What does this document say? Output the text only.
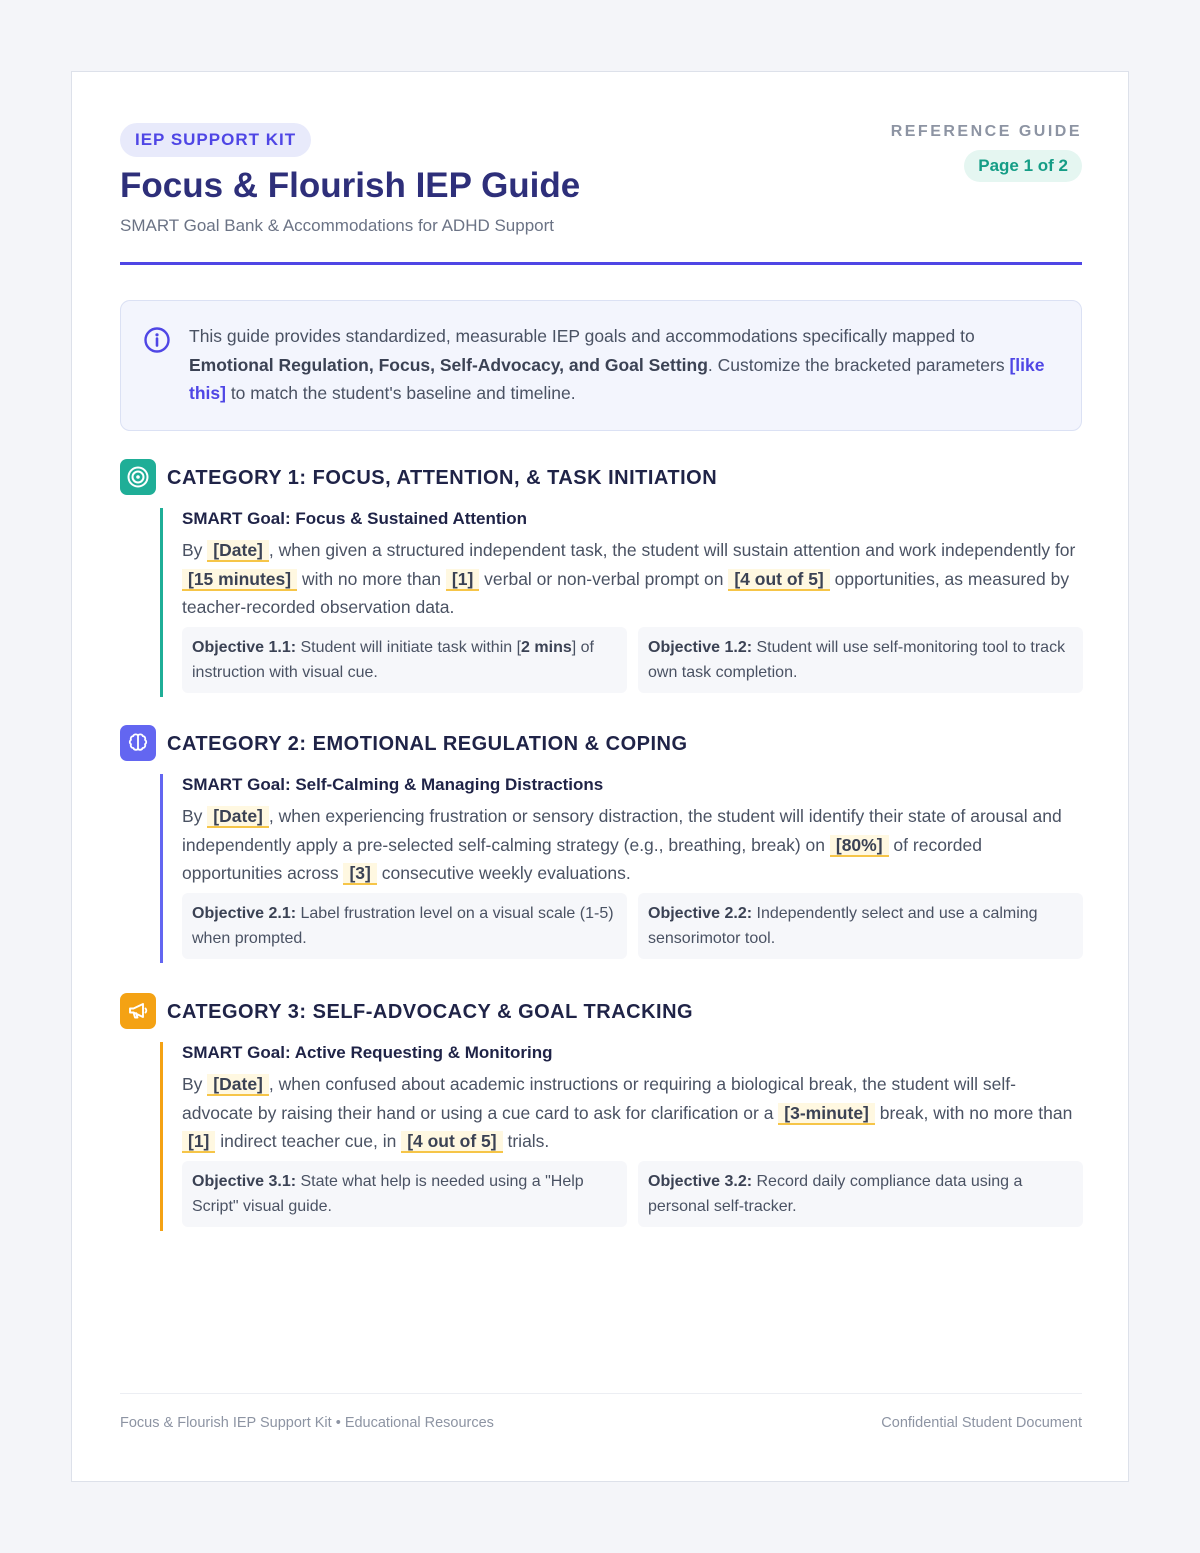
IEP SUPPORT KIT
Focus & Flourish IEP Guide
SMART Goal Bank & Accommodations for ADHD Support
REFERENCE GUIDE
Page 1 of 2
This guide provides standardized, measurable IEP goals and accommodations specifically mapped to Emotional Regulation, Focus, Self-Advocacy, and Goal Setting. Customize the bracketed parameters [like this] to match the student's baseline and timeline.
CATEGORY 1: FOCUS, ATTENTION, & TASK INITIATION
SMART Goal: Focus & Sustained Attention
By [Date] , when given a structured independent task, the student will sustain attention and work independently for [15 minutes] with no more than [1] verbal or non-verbal prompt on [4 out of 5] opportunities, as measured by teacher-recorded observation data.
Objective 1.1: Student will initiate task within [2 mins] of instruction with visual cue.
Objective 1.2: Student will use self-monitoring tool to track own task completion.
CATEGORY 2: EMOTIONAL REGULATION & COPING
SMART Goal: Self-Calming & Managing Distractions
By [Date] , when experiencing frustration or sensory distraction, the student will identify their state of arousal and independently apply a pre-selected self-calming strategy (e.g., breathing, break) on [80%] of recorded opportunities across [3] consecutive weekly evaluations.
Objective 2.1: Label frustration level on a visual scale (1-5) when prompted.
Objective 2.2: Independently select and use a calming sensorimotor tool.
CATEGORY 3: SELF-ADVOCACY & GOAL TRACKING
SMART Goal: Active Requesting & Monitoring
By [Date] , when confused about academic instructions or requiring a biological break, the student will self-advocate by raising their hand or using a cue card to ask for clarification or a [3-minute] break, with no more than [1] indirect teacher cue, in [4 out of 5] trials.
Objective 3.1: State what help is needed using a "Help Script" visual guide.
Objective 3.2: Record daily compliance data using a personal self-tracker.
Focus & Flourish IEP Support Kit • Educational Resources	Confidential Student Document
